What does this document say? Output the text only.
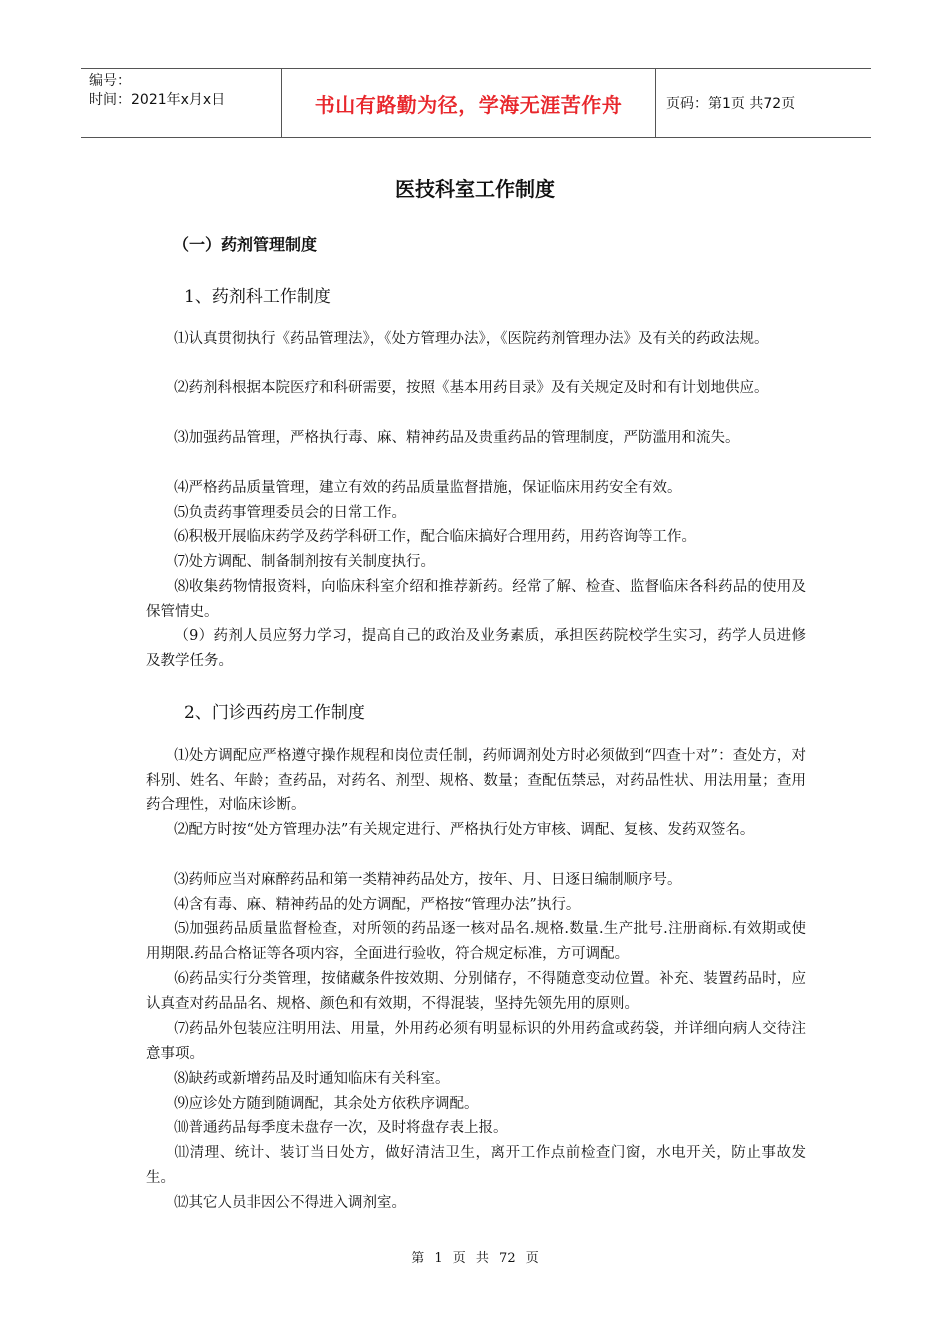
编号：
时间：2021年x月x日	书山有路勤为径，学海无涯苦作舟	页码：第1页 共72页
医技科室工作制度
（一）药剂管理制度
1、药剂科工作制度

⑴认真贯彻执行《药品管理法》，《处方管理办法》，《医院药剂管理办法》及有关的药政法规。

⑵药剂科根据本院医疗和科研需要，按照《基本用药目录》及有关规定及时和有计划地供应。

⑶加强药品管理，严格执行毒、麻、精神药品及贵重药品的管理制度，严防滥用和流失。

⑷严格药品质量管理，建立有效的药品质量监督措施，保证临床用药安全有效。

⑸负责药事管理委员会的日常工作。

⑹积极开展临床药学及药学科研工作，配合临床搞好合理用药，用药咨询等工作。

⑺处方调配、制备制剂按有关制度执行。

⑻收集药物情报资料，向临床科室介绍和推荐新药。经常了解、检查、监督临床各科药品的使用及保管情史。

（9）药剂人员应努力学习，提高自己的政治及业务素质，承担医药院校学生实习，药学人员进修及教学任务。

2、门诊西药房工作制度

⑴处方调配应严格遵守操作规程和岗位责任制，药师调剂处方时必须做到“四查十对”：查处方，对科别、姓名、年龄；查药品，对药名、剂型、规格、数量；查配伍禁忌，对药品性状、用法用量；查用药合理性，对临床诊断。

⑵配方时按“处方管理办法”有关规定进行、严格执行处方审核、调配、复核、发药双签名。

⑶药师应当对麻醉药品和第一类精神药品处方，按年、月、日逐日编制顺序号。

⑷含有毒、麻、精神药品的处方调配，严格按“管理办法”执行。

⑸加强药品质量监督检查，对所领的药品逐一核对品名.规格.数量.生产批号.注册商标.有效期或使用期限.药品合格证等各项内容，全面进行验收，符合规定标准，方可调配。

⑹药品实行分类管理，按储藏条件按效期、分别储存，不得随意变动位置。补充、装置药品时，应认真查对药品品名、规格、颜色和有效期，不得混装，坚持先领先用的原则。

⑺药品外包装应注明用法、用量，外用药必须有明显标识的外用药盒或药袋，并详细向病人交待注意事项。

⑻缺药或新增药品及时通知临床有关科室。

⑼应诊处方随到随调配，其余处方依秩序调配。

⑽普通药品每季度未盘存一次，及时将盘存表上报。

⑾清理、统计、装订当日处方，做好清洁卫生，离开工作点前检查门窗，水电开关，防止事故发生。

⑿其它人员非因公不得进入调剂室。

第 1 页 共 72 页
